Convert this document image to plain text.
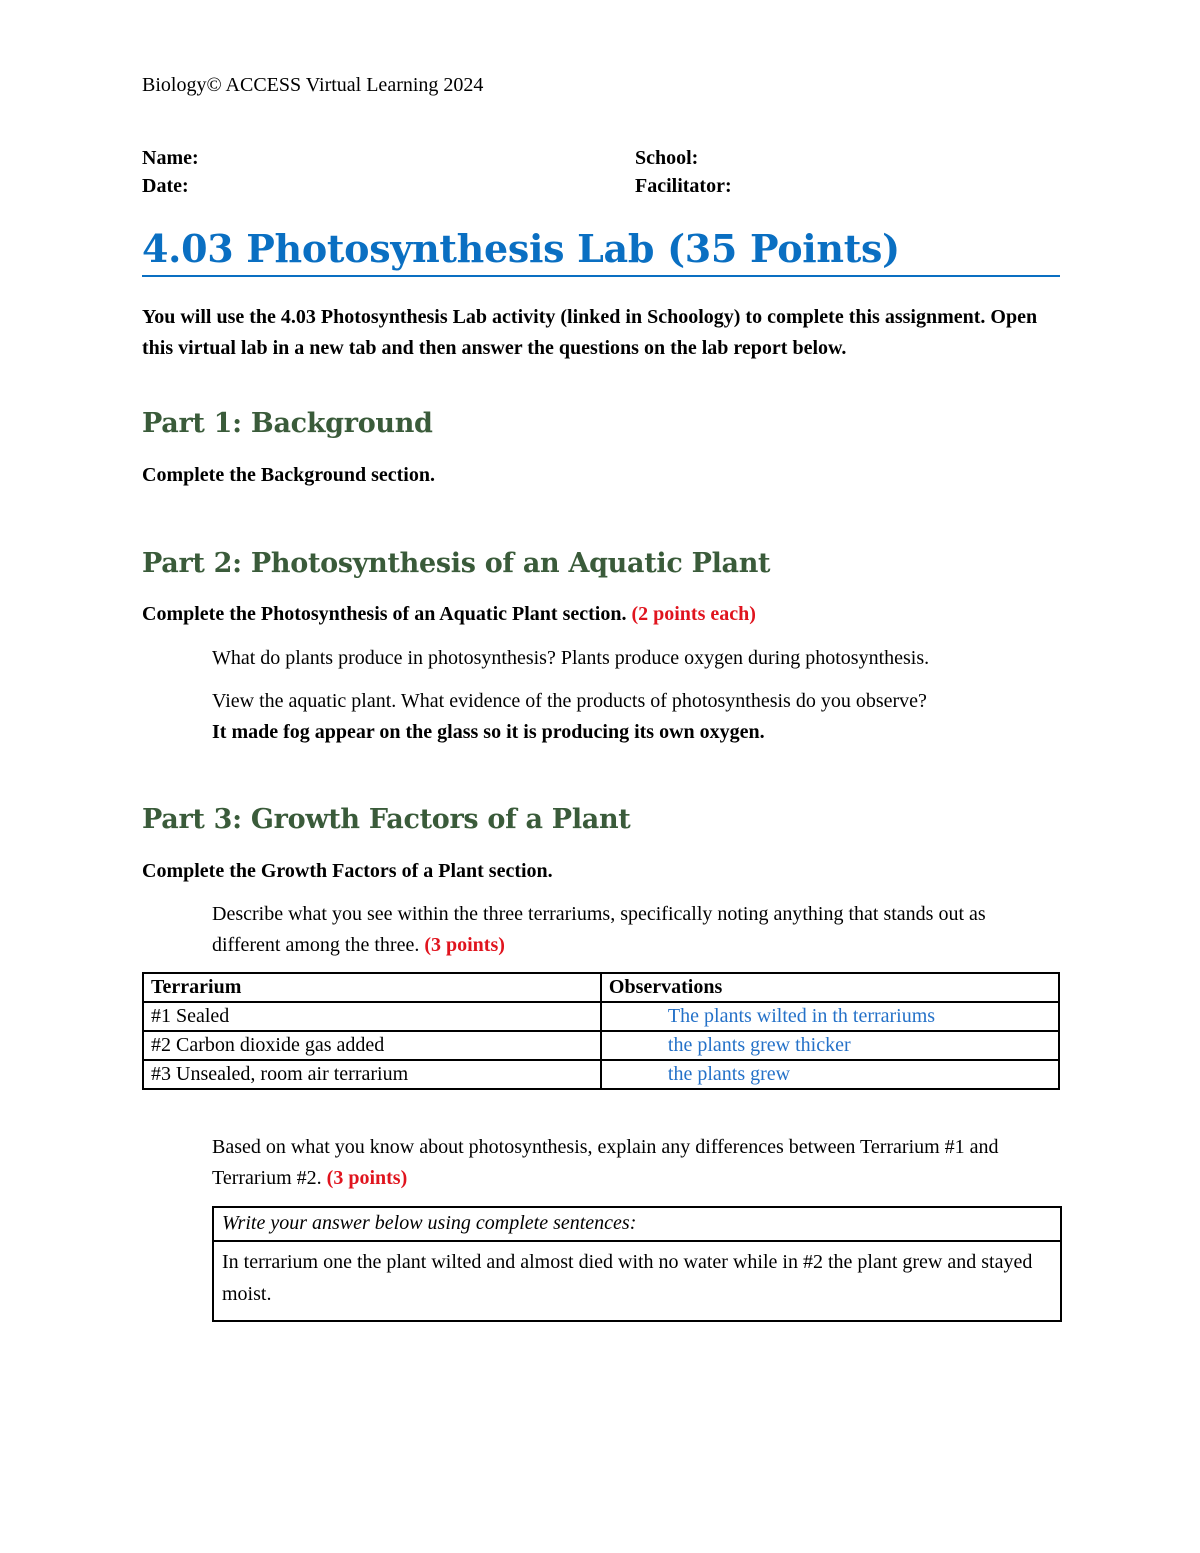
Biology© ACCESS Virtual Learning 2024
Name:
Date:
School:
Facilitator:
4.03 Photosynthesis Lab (35 Points)
You will use the 4.03 Photosynthesis Lab activity (linked in Schoology) to complete this assignment. Open this virtual lab in a new tab and then answer the questions on the lab report below.
Part 1: Background
Complete the Background section.
Part 2: Photosynthesis of an Aquatic Plant
Complete the Photosynthesis of an Aquatic Plant section. (2 points each)
What do plants produce in photosynthesis? Plants produce oxygen during photosynthesis.
View the aquatic plant. What evidence of the products of photosynthesis do you observe?
It made fog appear on the glass so it is producing its own oxygen.
Part 3: Growth Factors of a Plant
Complete the Growth Factors of a Plant section.
Describe what you see within the three terrariums, specifically noting anything that stands out as different among the three. (3 points)
Terrarium	Observations
#1 Sealed	The plants wilted in th terrariums
#2 Carbon dioxide gas added	the plants grew thicker
#3 Unsealed, room air terrarium	the plants grew
Based on what you know about photosynthesis, explain any differences between Terrarium #1 and Terrarium #2. (3 points)
Write your answer below using complete sentences:
In terrarium one the plant wilted and almost died with no water while in #2 the plant grew and stayed moist.
